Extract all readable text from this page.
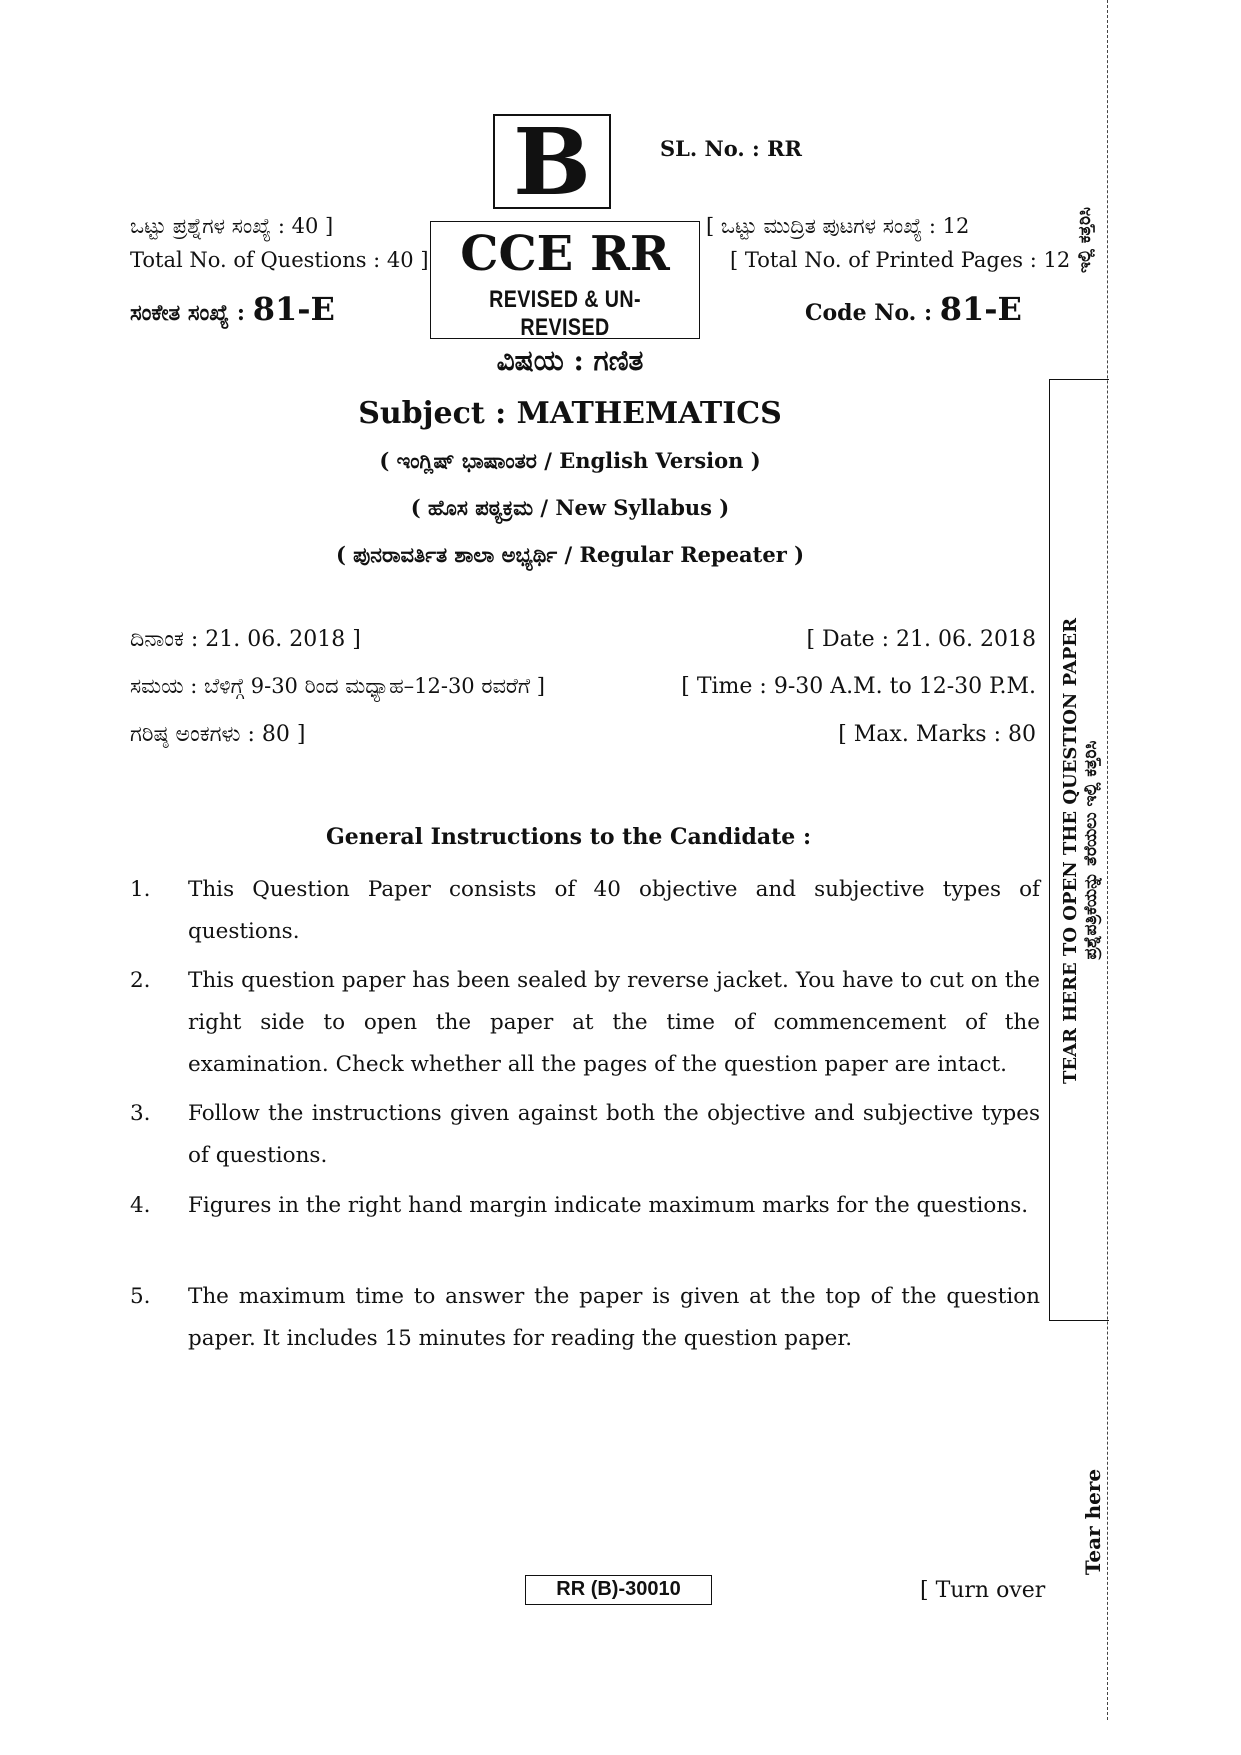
B	SL. No. : RR
ಒಟ್ಟು ಪ್ರಶ್ನೆಗಳ ಸಂಖ್ಯೆ : 40 ]
Total No. of Questions : 40 ]
ಸಂಕೇತ ಸಂಖ್ಯೆ : 81-E
CCE RR
REVISED & UN-REVISED
[ ಒಟ್ಟು ಮುದ್ರಿತ ಪುಟಗಳ ಸಂಖ್ಯೆ : 12
[ Total No. of Printed Pages : 12
Code No. : 81-E
ವಿಷಯ : ಗಣಿತ
Subject : MATHEMATICS
( ಇಂಗ್ಲಿಷ್ ಭಾಷಾಂತರ / English Version )
( ಹೊಸ ಪಠ್ಯಕ್ರಮ / New Syllabus )
( ಪುನರಾವರ್ತಿತ ಶಾಲಾ ಅಭ್ಯರ್ಥಿ / Regular Repeater )
ದಿನಾಂಕ : 21. 06. 2018 ]	[ Date : 21. 06. 2018
ಸಮಯ : ಬೆಳಿಗ್ಗೆ 9-30 ರಿಂದ ಮಧ್ಯಾಹ–12-30 ರವರೆಗೆ ]	[ Time : 9-30 A.M. to 12-30 P.M.
ಗರಿಷ್ಠ ಅಂಕಗಳು : 80 ]	[ Max. Marks : 80
General Instructions to the Candidate :
1. This Question Paper consists of 40 objective and subjective types of questions.
2. This question paper has been sealed by reverse jacket. You have to cut on the right side to open the paper at the time of commencement of the examination. Check whether all the pages of the question paper are intact.
3. Follow the instructions given against both the objective and subjective types of questions.
4. Figures in the right hand margin indicate maximum marks for the questions.
5. The maximum time to answer the paper is given at the top of the question paper. It includes 15 minutes for reading the question paper.
RR (B)-30010	[ Turn over
ಇಲ್ಲಿ ಕತ್ತರಿಸಿ
TEAR HERE TO OPEN THE QUESTION PAPER ಪ್ರಶ್ನೆಪತ್ರಿಕೆಯನ್ನು ತೆರೆಯಲು ಇಲ್ಲಿ ಕತ್ತರಿಸಿ
Tear here
